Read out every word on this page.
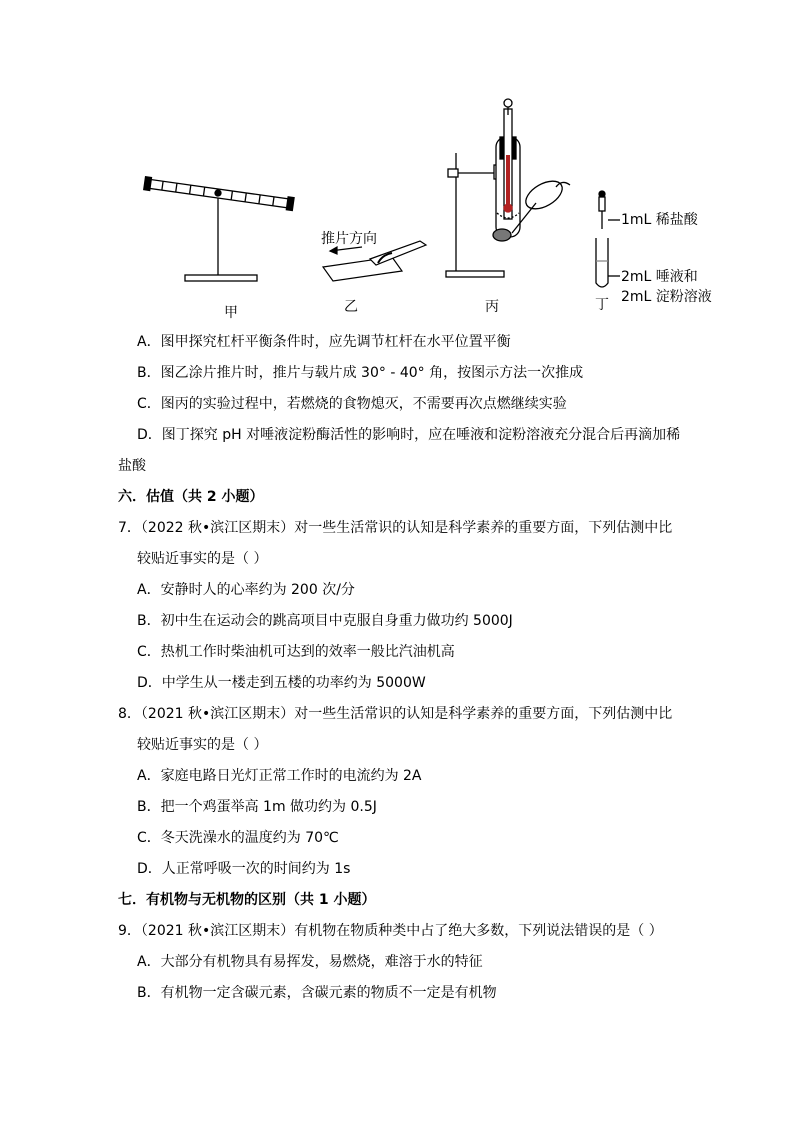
推片方向
1mL 稀盐酸
2mL 唾液和
2mL 淀粉溶液
甲	乙	丙	丁
A．图甲探究杠杆平衡条件时，应先调节杠杆在水平位置平衡
B．图乙涂片推片时，推片与载片成 30° - 40° 角，按图示方法一次推成
C．图丙的实验过程中，若燃烧的食物熄灭，不需要再次点燃继续实验
D．图丁探究 pH 对唾液淀粉酶活性的影响时，应在唾液和淀粉溶液充分混合后再滴加稀
盐酸
六．估值（共 2 小题）
7．（2022 秋•滨江区期末）对一些生活常识的认知是科学素养的重要方面，下列估测中比
较贴近事实的是（ ）
A．安静时人的心率约为 200 次/分
B．初中生在运动会的跳高项目中克服自身重力做功约 5000J
C．热机工作时柴油机可达到的效率一般比汽油机高
D．中学生从一楼走到五楼的功率约为 5000W
8．（2021 秋•滨江区期末）对一些生活常识的认知是科学素养的重要方面，下列估测中比
较贴近事实的是（ ）
A．家庭电路日光灯正常工作时的电流约为 2A
B．把一个鸡蛋举高 1m 做功约为 0.5J
C．冬天洗澡水的温度约为 70℃
D．人正常呼吸一次的时间约为 1s
七．有机物与无机物的区别（共 1 小题）
9．（2021 秋•滨江区期末）有机物在物质种类中占了绝大多数，下列说法错误的是（ ）
A．大部分有机物具有易挥发，易燃烧，难溶于水的特征
B．有机物一定含碳元素，含碳元素的物质不一定是有机物
